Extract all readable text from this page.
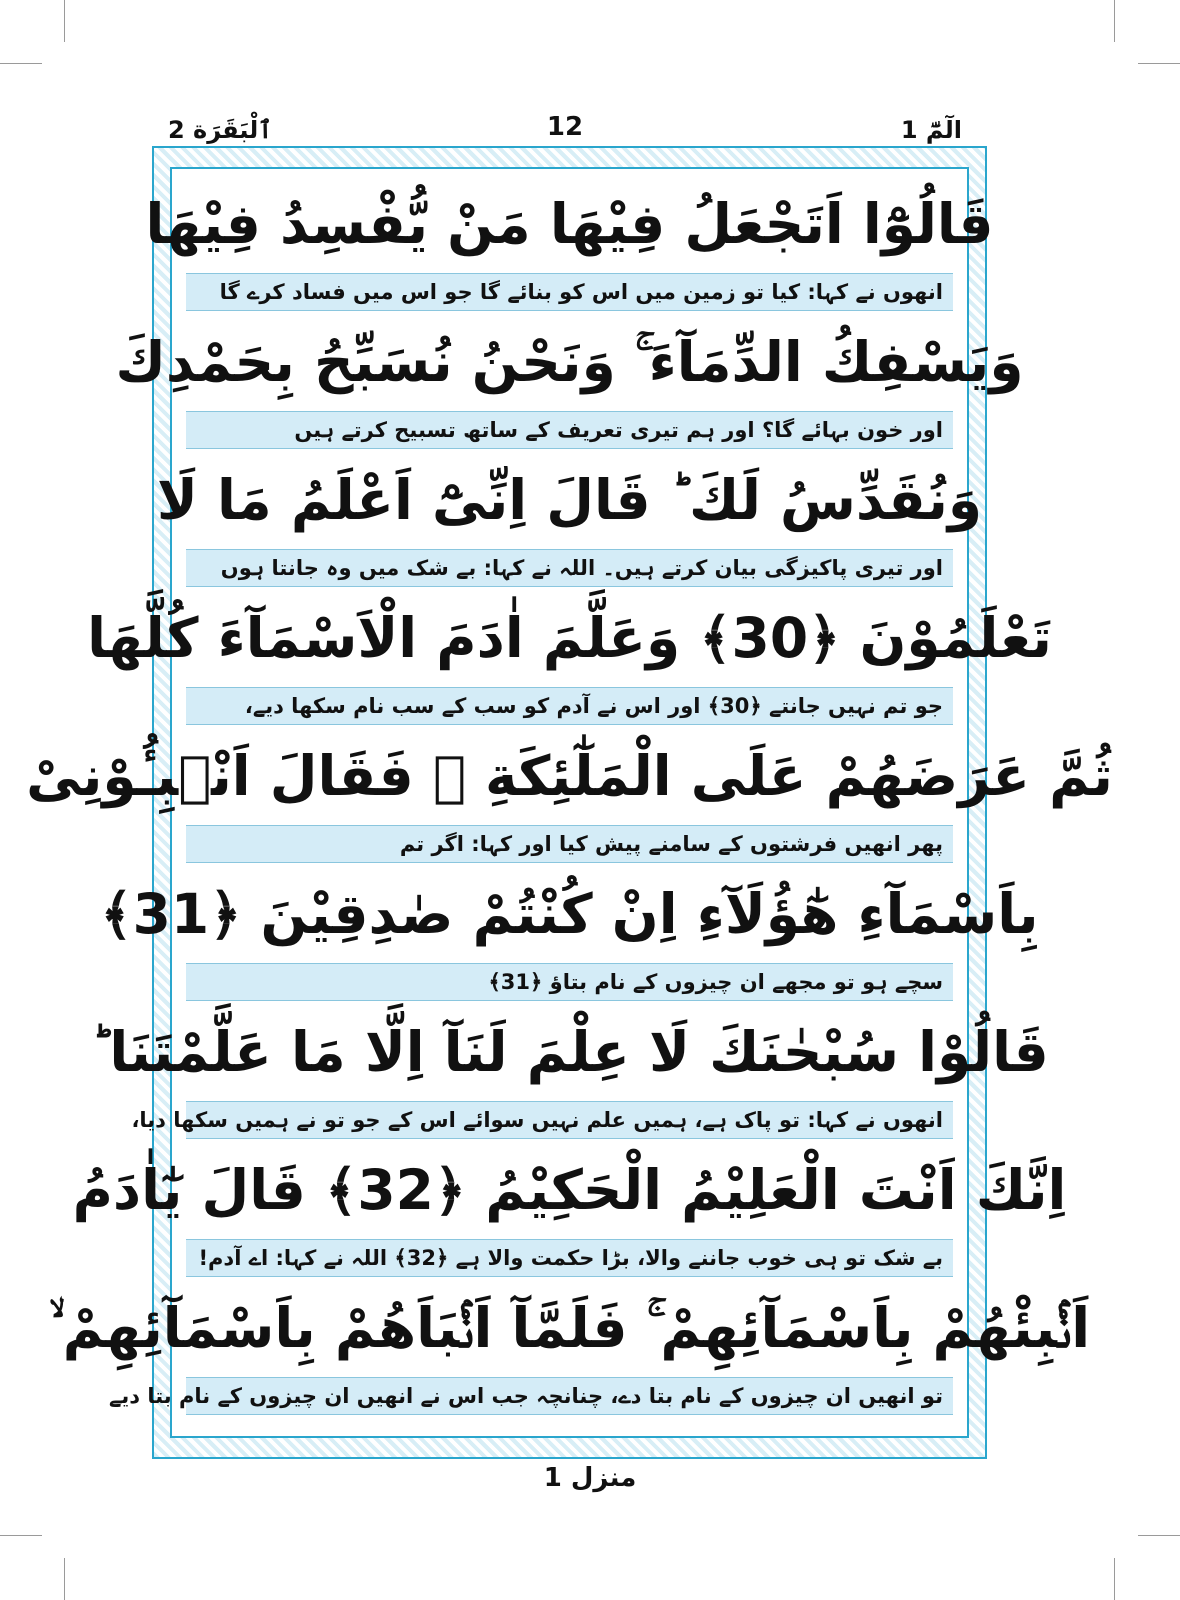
ٱلْبَقَرَة 2	12	الٓمّٓ 1
قَالُوْٓا اَتَجْعَلُ فِیْهَا مَنْ یُّفْسِدُ فِیْهَا
انھوں نے کہا: کیا تو زمین میں اس کو بنائے گا جو اس میں فساد کرے گا
وَیَسْفِكُ الدِّمَآءَ ۚ وَنَحْنُ نُسَبِّحُ بِحَمْدِكَ
اور خون بہائے گا؟ اور ہم تیری تعریف کے ساتھ تسبیح کرتے ہیں
وَنُقَدِّسُ لَكَ ؕ قَالَ اِنِّیْٓ اَعْلَمُ مَا لَا
اور تیری پاکیزگی بیان کرتے ہیں۔ اللہ نے کہا: بے شک میں وہ جانتا ہوں
تَعْلَمُوْنَ ﴿30﴾ وَعَلَّمَ اٰدَمَ الْاَسْمَآءَ كُلَّهَا
جو تم نہیں جانتے ﴿30﴾ اور اس نے آدم کو سب کے سب نام سکھا دیے،
ثُمَّ عَرَضَهُمْ عَلَى الْمَلٰٓئِكَةِ ۙ فَقَالَ اَنْۢبِـُٔوْنِیْ
پھر انھیں فرشتوں کے سامنے پیش کیا اور کہا: اگر تم
بِاَسْمَآءِ هٰٓؤُلَآءِ اِنْ كُنْتُمْ صٰدِقِیْنَ ﴿31﴾
سچے ہو تو مجھے ان چیزوں کے نام بتاؤ ﴿31﴾
قَالُوْا سُبْحٰنَكَ لَا عِلْمَ لَنَآ اِلَّا مَا عَلَّمْتَنَا ؕ
انھوں نے کہا: تو پاک ہے، ہمیں علم نہیں سوائے اس کے جو تو نے ہمیں سکھا دیا،
اِنَّكَ اَنْتَ الْعَلِیْمُ الْحَكِیْمُ ﴿32﴾ قَالَ یٰٓاٰدَمُ
بے شک تو ہی خوب جاننے والا، بڑا حکمت والا ہے ﴿32﴾ اللہ نے کہا: اے آدم!
اَنْۢبِئْهُمْ بِاَسْمَآئِهِمْ ۚ فَلَمَّآ اَنْۢبَاَهُمْ بِاَسْمَآئِهِمْ ۙ
تو انھیں ان چیزوں کے نام بتا دے، چنانچہ جب اس نے انھیں ان چیزوں کے نام بتا دیے
منزل 1
